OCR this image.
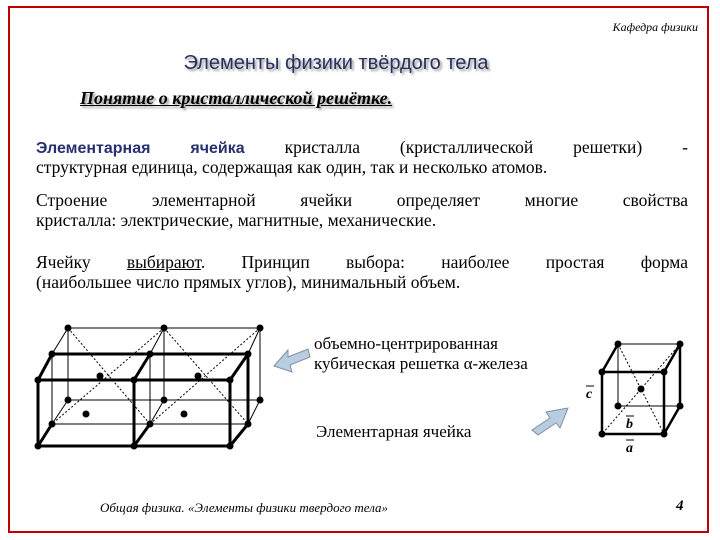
Кафедра физики
Элементы физики твёрдого тела
Понятие о кристаллической решётке.
Элементарная ячейка кристалла (кристаллической решетки) -
структурная единица, содержащая как один, так и несколько атомов.
Строение элементарной ячейки определяет многие свойства
кристалла: электрические, магнитные, механические.
Ячейку выбирают. Принцип выбора: наиболее простая форма
(наибольшее число прямых углов), минимальный объем.
объемно-центрированная
кубическая решетка α-железа
Элементарная ячейка
c
b
a
Общая физика. «Элементы физики твердого тела»	4
